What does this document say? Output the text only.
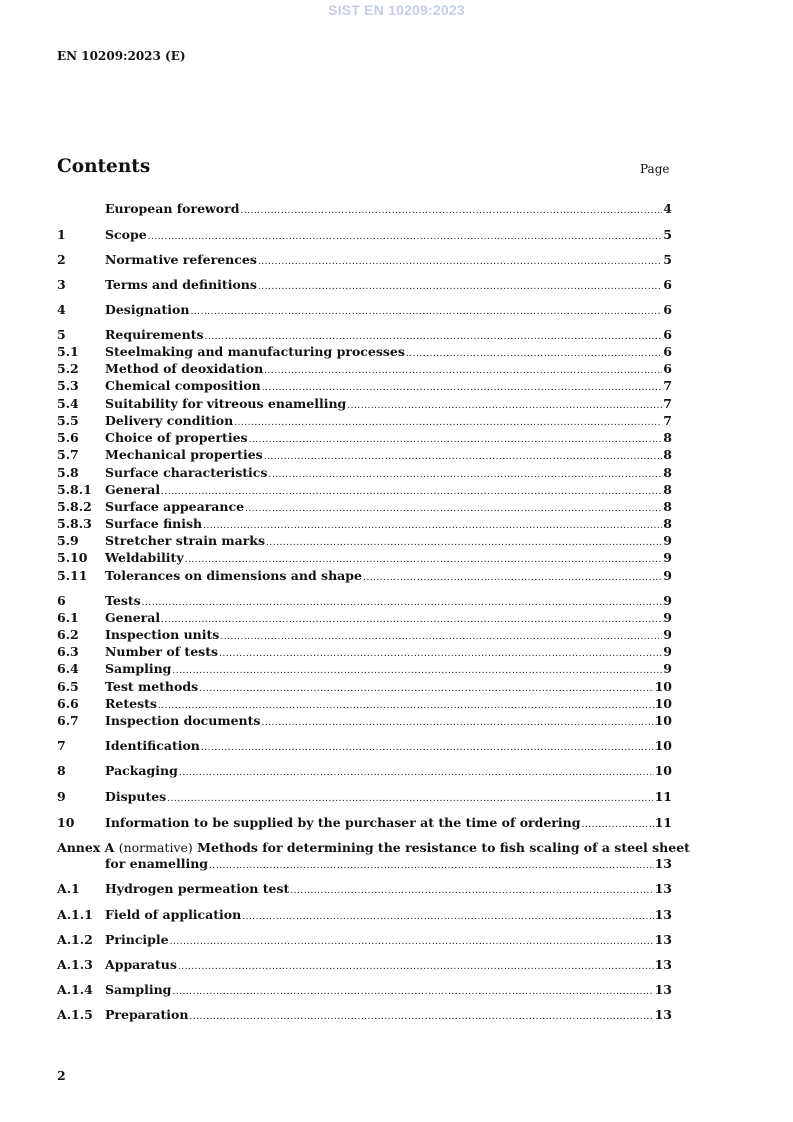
SIST EN 10209:2023
EN 10209:2023 (E)
Contents	Page
European foreword .....	4
1	Scope .....	5
2	Normative references .....	5
3	Terms and definitions .....	6
4	Designation .....	6
5	Requirements .....	6
5.1	Steelmaking and manufacturing processes .....	6
5.2	Method of deoxidation .....	6
5.3	Chemical composition .....	7
5.4	Suitability for vitreous enamelling .....	7
5.5	Delivery condition .....	7
5.6	Choice of properties .....	8
5.7	Mechanical properties .....	8
5.8	Surface characteristics .....	8
5.8.1	General .....	8
5.8.2	Surface appearance .....	8
5.8.3	Surface finish .....	8
5.9	Stretcher strain marks .....	9
5.10	Weldability .....	9
5.11	Tolerances on dimensions and shape .....	9
6	Tests .....	9
6.1	General .....	9
6.2	Inspection units .....	9
6.3	Number of tests .....	9
6.4	Sampling .....	9
6.5	Test methods .....	10
6.6	Retests .....	10
6.7	Inspection documents .....	10
7	Identification .....	10
8	Packaging .....	10
9	Disputes .....	11
10	Information to be supplied by the purchaser at the time of ordering .....	11
Annex A (normative) Methods for determining the resistance to fish scaling of a steel sheet
for enamelling .....	13
A.1	Hydrogen permeation test .....	13
A.1.1 Field of application .....	13
A.1.2 Principle .....	13
A.1.3 Apparatus .....	13
A.1.4 Sampling .....	13
A.1.5 Preparation .....	13
2
